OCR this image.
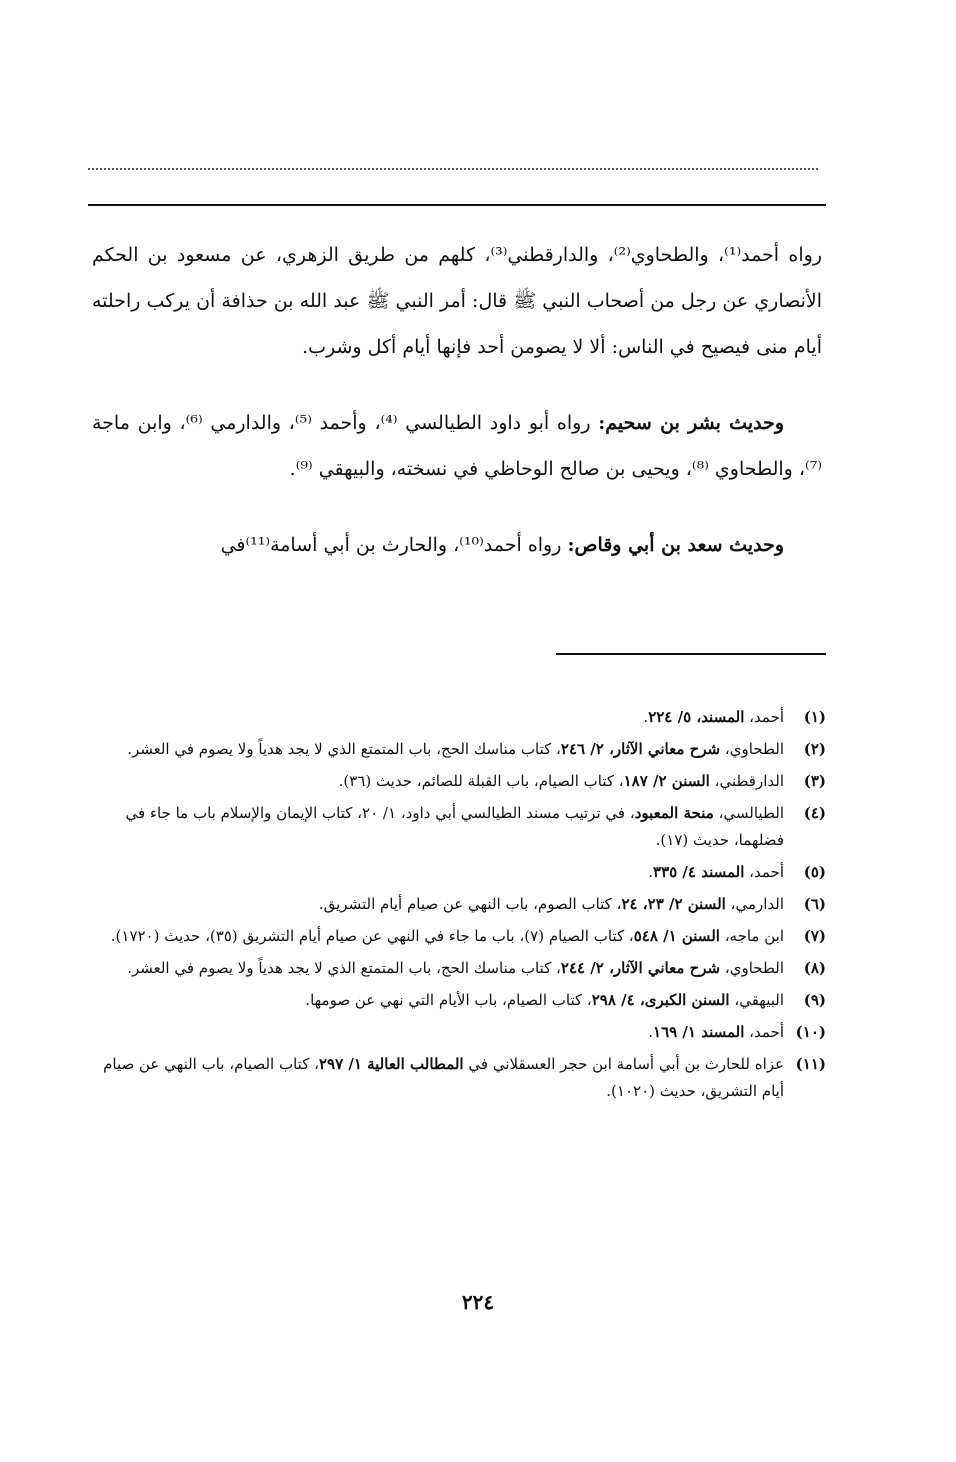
رواه أحمد⁽¹⁾، والطحاوي⁽²⁾، والدارقطني⁽³⁾، كلهم من طريق الزهري، عن مسعود بن الحكم الأنصاري عن رجل من أصحاب النبي ﷺ قال: أمر النبي ﷺ عبد الله بن حذافة أن يركب راحلته أيام منى فيصيح في الناس: ألا لا يصومن أحد فإنها أيام أكل وشرب.

وحديث بشر بن سحيم: رواه أبو داود الطيالسي ⁽⁴⁾، وأحمد ⁽⁵⁾، والدارمي ⁽⁶⁾، وابن ماجة ⁽⁷⁾، والطحاوي ⁽⁸⁾، ويحيى بن صالح الوحاظي في نسخته، والبيهقي ⁽⁹⁾.

وحديث سعد بن أبي وقاص: رواه أحمد⁽¹⁰⁾، والحارث بن أبي أسامة⁽¹¹⁾في

(١)
أحمد، المسند، ٥/ ٢٢٤.
(٢)
الطحاوي، شرح معاني الآثار، ٢/ ٢٤٦، كتاب مناسك الحج، باب المتمتع الذي لا يجد هدياً ولا يصوم في العشر.
(٣)
الدارقطني، السنن ٢/ ١٨٧، كتاب الصيام، باب القبلة للصائم، حديث (٣٦).
(٤)
الطيالسي، منحة المعبود، في ترتيب مسند الطيالسي أبي داود، ١/ ٢٠، كتاب الإيمان والإسلام باب ما جاء في فضلهما، حديث (١٧).
(٥)
أحمد، المسند ٤/ ٣٣٥.
(٦)
الدارمي، السنن ٢/ ٢٣، ٢٤، كتاب الصوم، باب النهي عن صيام أيام التشريق.
(٧)
ابن ماجه، السنن ١/ ٥٤٨، كتاب الصيام (٧)، باب ما جاء في النهي عن صيام أيام التشريق (٣٥)، حديث (١٧٢٠).
(٨)
الطحاوي، شرح معاني الآثار، ٢/ ٢٤٤، كتاب مناسك الحج، باب المتمتع الذي لا يجد هدياً ولا يصوم في العشر.
(٩)
البيهقي، السنن الكبرى، ٤/ ٢٩٨، كتاب الصيام، باب الأيام التي نهي عن صومها.
(١٠)
أحمد، المسند ١/ ١٦٩.
(١١)
عزاه للحارث بن أبي أسامة ابن حجر العسقلاني في المطالب العالية ١/ ٢٩٧، كتاب الصيام، باب النهي عن صيام أيام التشريق، حديث (١٠٢٠).
٢٢٤
